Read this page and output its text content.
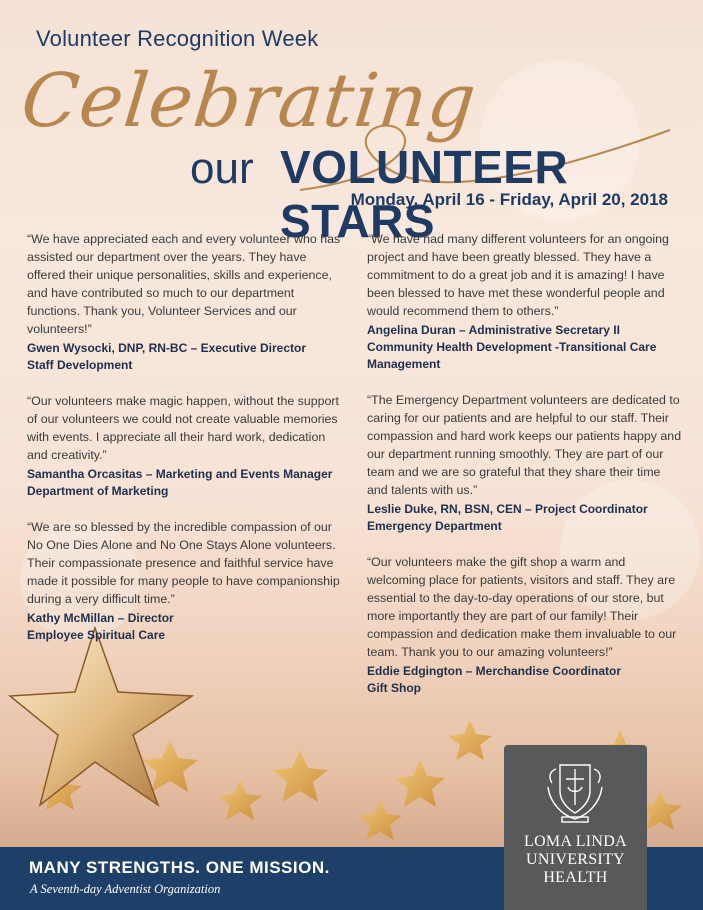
Volunteer Recognition Week
Celebrating
our VOLUNTEER STARS
Monday, April 16 - Friday, April 20, 2018

“We have appreciated each and every volunteer who has assisted our department over the years. They have offered their unique personalities, skills and experience, and have contributed so much to our department functions. Thank you, Volunteer Services and our volunteers!”

Gwen Wysocki, DNP, RN-BC – Executive Director
Staff Development

“Our volunteers make magic happen, without the support of our volunteers we could not create valuable memories with events. I appreciate all their hard work, dedication and creativity.”

Samantha Orcasitas – Marketing and Events Manager
Department of Marketing

“We are so blessed by the incredible compassion of our No One Dies Alone and No One Stays Alone volunteers. Their compassionate presence and faithful service have made it possible for many people to have companionship during a very difficult time.”

Kathy McMillan – Director
Employee Spiritual Care

“We have had many different volunteers for an ongoing project and have been greatly blessed. They have a commitment to do a great job and it is amazing! I have been blessed to have met these wonderful people and would recommend them to others.”

Angelina Duran – Administrative Secretary II
Community Health Development -Transitional Care Management

“The Emergency Department volunteers are dedicated to caring for our patients and are helpful to our staff. Their compassion and hard work keeps our patients happy and our department running smoothly. They are part of our team and we are so grateful that they share their time and talents with us.”

Leslie Duke, RN, BSN, CEN – Project Coordinator
Emergency Department

“Our volunteers make the gift shop a warm and welcoming place for patients, visitors and staff. They are essential to the day-to-day operations of our store, but more importantly they are part of our family! Their compassion and dedication make them invaluable to our team. Thank you to our amazing volunteers!”

Eddie Edgington – Merchandise Coordinator
Gift Shop

MANY STRENGTHS. ONE MISSION.
A Seventh-day Adventist Organization
LOMA LINDA
UNIVERSITY
HEALTH
